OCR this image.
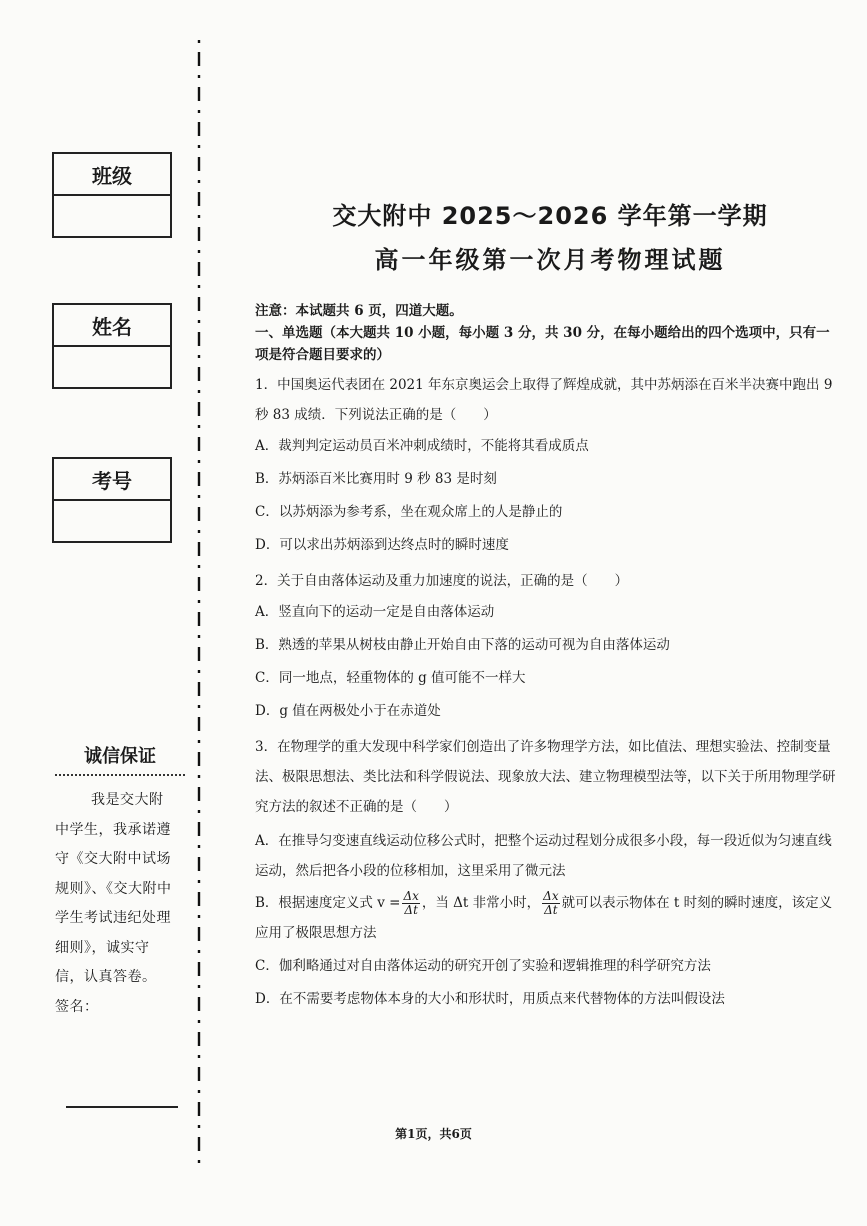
班级
姓名
考号
诚信保证
我是交大附中学生，我承诺遵守《交大附中试场规则》、《交大附中学生考试违纪处理细则》，诚实守信，认真答卷。
签名：
交大附中 2025～2026 学年第一学期
高一年级第一次月考物理试题
注意：本试题共 6 页，四道大题。
一、单选题（本大题共 10 小题，每小题 3 分，共 30 分，在每小题给出的四个选项中，只有一项是符合题目要求的）
1．中国奥运代表团在 2021 年东京奥运会上取得了辉煌成就，其中苏炳添在百米半决赛中跑出 9 秒 83 成绩．下列说法正确的是（　　）
A．裁判判定运动员百米冲刺成绩时，不能将其看成质点
B．苏炳添百米比赛用时 9 秒 83 是时刻
C．以苏炳添为参考系，坐在观众席上的人是静止的
D．可以求出苏炳添到达终点时的瞬时速度
2．关于自由落体运动及重力加速度的说法，正确的是（　　）
A．竖直向下的运动一定是自由落体运动
B．熟透的苹果从树枝由静止开始自由下落的运动可视为自由落体运动
C．同一地点，轻重物体的 g 值可能不一样大
D．g 值在两极处小于在赤道处
3．在物理学的重大发现中科学家们创造出了许多物理学方法，如比值法、理想实验法、控制变量法、极限思想法、类比法和科学假说法、现象放大法、建立物理模型法等，以下关于所用物理学研究方法的叙述不正确的是（　　）
A．在推导匀变速直线运动位移公式时，把整个运动过程划分成很多小段，每一段近似为匀速直线运动，然后把各小段的位移相加，这里采用了微元法
B．根据速度定义式 $v = \frac{\Delta x}{\Delta t}$ ，当 Δt 非常小时， $\frac{\Delta x}{\Delta t}$ 就可以表示物体在 t 时刻的瞬时速度，该定义应用了极限思想方法
C．伽利略通过对自由落体运动的研究开创了实验和逻辑推理的科学研究方法
D．在不需要考虑物体本身的大小和形状时，用质点来代替物体的方法叫假设法
第1页，共6页
